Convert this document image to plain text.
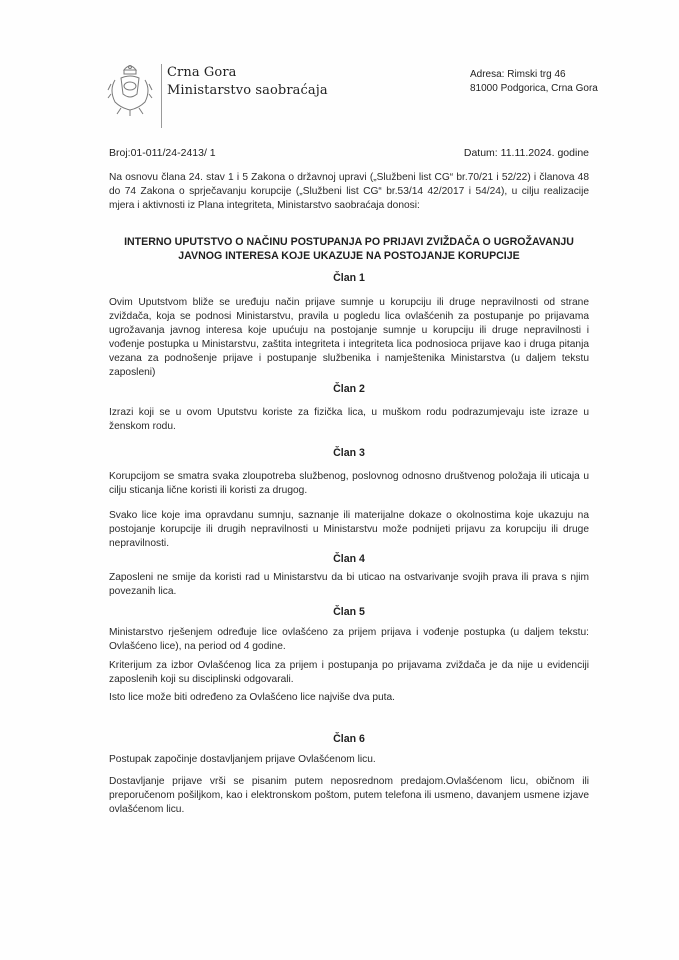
Crna Gora
Ministarstvo saobraćaja
Adresa: Rimski trg 46
81000 Podgorica, Crna Gora
Broj:01-011/24-2413/ 1	Datum: 11.11.2024. godine
Na osnovu člana 24. stav 1 i 5 Zakona o državnoj upravi („Službeni list CG“ br.70/21 i 52/22) i članova 48 do 74 Zakona o sprječavanju korupcije („Službeni list CG“ br.53/14 42/2017 i 54/24), u cilju realizacije mjera i aktivnosti iz Plana integriteta, Ministarstvo saobraćaja donosi:
INTERNO UPUTSTVO O NAČINU POSTUPANJA PO PRIJAVI ZVIŽDAČA O UGROŽAVANJU
JAVNOG INTERESA KOJE UKAZUJE NA POSTOJANJE KORUPCIJE
Član 1
Ovim Uputstvom bliže se uređuju način prijave sumnje u korupciju ili druge nepravilnosti od strane zviždača, koja se podnosi Ministarstvu, pravila u pogledu lica ovlašćenih za postupanje po prijavama ugrožavanja javnog interesa koje upućuju na postojanje sumnje u korupciju ili druge nepravilnosti i vođenje postupka u Ministarstvu, zaštita integriteta i integriteta lica podnosioca prijave kao i druga pitanja vezana za podnošenje prijave i postupanje službenika i namještenika Ministarstva (u daljem tekstu zaposleni)
Član 2
Izrazi koji se u ovom Uputstvu koriste za fizička lica, u muškom rodu podrazumjevaju iste izraze u ženskom rodu.
Član 3
Korupcijom se smatra svaka zloupotreba službenog, poslovnog odnosno društvenog položaja ili uticaja u cilju sticanja lične koristi ili koristi za drugog.
Svako lice koje ima opravdanu sumnju, saznanje ili materijalne dokaze o okolnostima koje ukazuju na postojanje korupcije ili drugih nepravilnosti u Ministarstvu može podnijeti prijavu za korupciju ili druge nepravilnosti.
Član 4
Zaposleni ne smije da koristi rad u Ministarstvu da bi uticao na ostvarivanje svojih prava ili prava s njim povezanih lica.
Član 5
Ministarstvo rješenjem određuje lice ovlašćeno za prijem prijava i vođenje postupka (u daljem tekstu: Ovlašćeno lice), na period od 4 godine.
Kriterijum za izbor Ovlašćenog lica za prijem i postupanja po prijavama zviždača je da nije u evidenciji zaposlenih koji su disciplinski odgovarali.
Isto lice može biti određeno za Ovlašćeno lice najviše dva puta.
Član 6
Postupak započinje dostavljanjem prijave Ovlašćenom licu.
Dostavljanje prijave vrši se pisanim putem neposrednom predajom.Ovlašćenom licu, običnom ili preporučenom pošiljkom, kao i elektronskom poštom, putem telefona ili usmeno, davanjem usmene izjave ovlašćenom licu.
